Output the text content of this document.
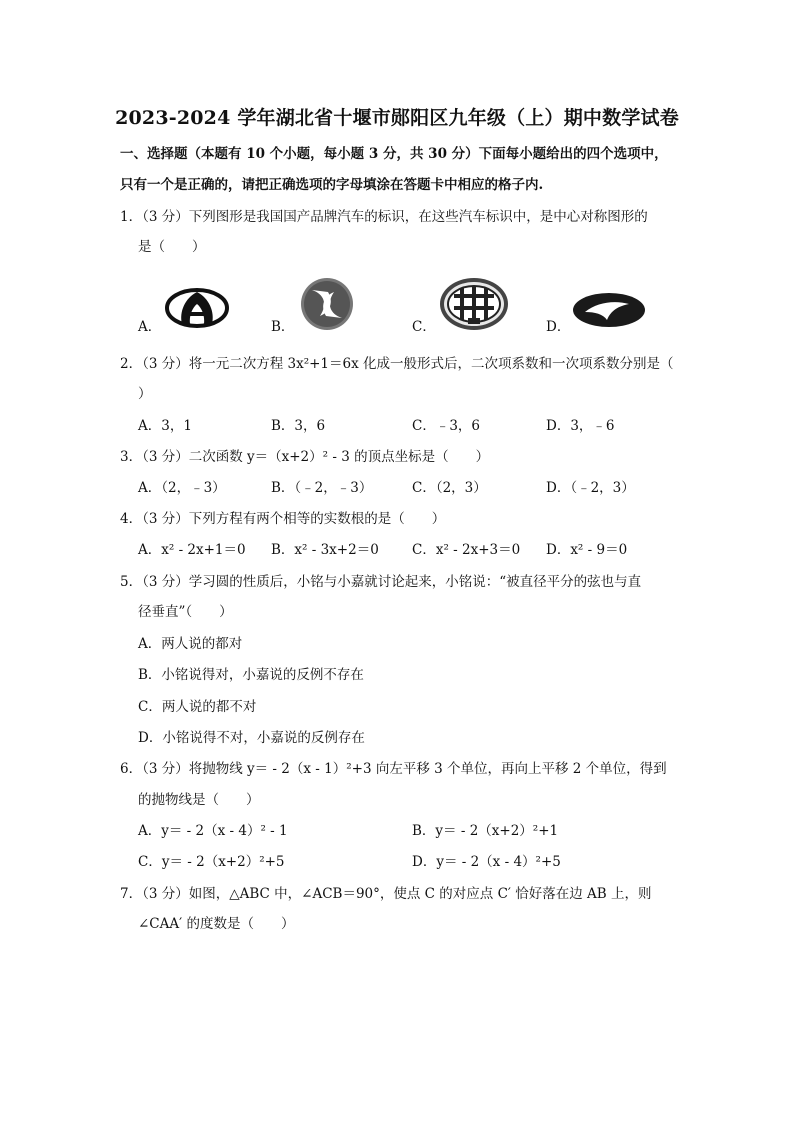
2023-2024 学年湖北省十堰市郧阳区九年级（上）期中数学试卷
一、选择题（本题有 10 个小题，每小题 3 分，共 30 分）下面每小题给出的四个选项中，
只有一个是正确的，请把正确选项的字母填涂在答题卡中相应的格子内.
1．（3 分）下列图形是我国国产品牌汽车的标识，在这些汽车标识中，是中心对称图形的
是（　　）
A．	B．	C．	D．
2．（3 分）将一元二次方程 3x²+1＝6x 化成一般形式后，二次项系数和一次项系数分别是（
）
A．3，1	B．3，6	C．﹣3，6	D．3，﹣6
3．（3 分）二次函数 y＝（x+2）² - 3 的顶点坐标是（　　）
A．（2，﹣3）	B．（﹣2，﹣3）	C．（2，3）	D．（﹣2，3）
4．（3 分）下列方程有两个相等的实数根的是（　　）
A．x² - 2x+1＝0 B．x² - 3x+2＝0 C．x² - 2x+3＝0 D．x² - 9＝0
5．（3 分）学习圆的性质后，小铭与小嘉就讨论起来，小铭说：“被直径平分的弦也与直
径垂直”（　　）
A．两人说的都对
B．小铭说得对，小嘉说的反例不存在
C．两人说的都不对
D．小铭说得不对，小嘉说的反例存在
6．（3 分）将抛物线 y＝ - 2（x - 1）²+3 向左平移 3 个单位，再向上平移 2 个单位，得到
的抛物线是（　　）
A．y＝ - 2（x - 4）² - 1	B．y＝ - 2（x+2）²+1
C．y＝ - 2（x+2）²+5	D．y＝ - 2（x - 4）²+5
7．（3 分）如图，△ABC 中，∠ACB＝90°，使点 C 的对应点 C′ 恰好落在边 AB 上，则
∠CAA′ 的度数是（　　）
